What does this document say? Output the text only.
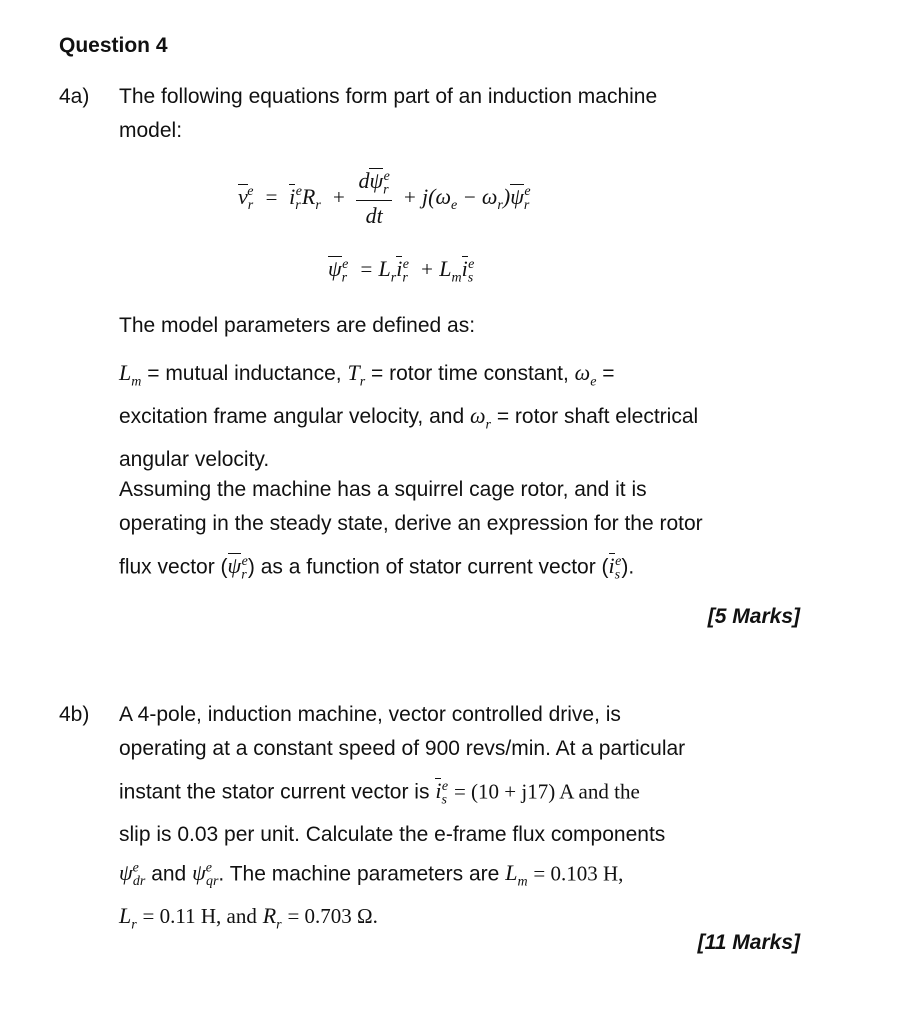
Question 4
4a) The following equations form part of an induction machine
model:
$v_r^e = i_r^eR_r + \frac{d\psi_r^e}{dt} + j(\omega_e - \omega_r)\psi_r^e$
$\psi_r^e = L_ri_r^e + L_mi_s^e$
The model parameters are defined as:
$L_m$ = mutual inductance, $T_r$ = rotor time constant, $\omega_e$ =
excitation frame angular velocity, and $\omega_r$ = rotor shaft electrical
angular velocity.
Assuming the machine has a squirrel cage rotor, and it is
operating in the steady state, derive an expression for the rotor
flux vector $(\psi_r^e)$ as a function of stator current vector $(i_s^e)$.
[5 Marks]
4b) A 4-pole, induction machine, vector controlled drive, is
operating at a constant speed of 900 revs/min. At a particular
instant the stator current vector is $i_s^e = (10 + j17)$ A and the
slip is 0.03 per unit. Calculate the e-frame flux components
$\psi^e_{dr}$ and $\psi^e_{qr}$. The machine parameters are $L_m = 0.103$ H,
$L_r = 0.11$ H, and $R_r = 0.703$ Ω.
[11 Marks]
